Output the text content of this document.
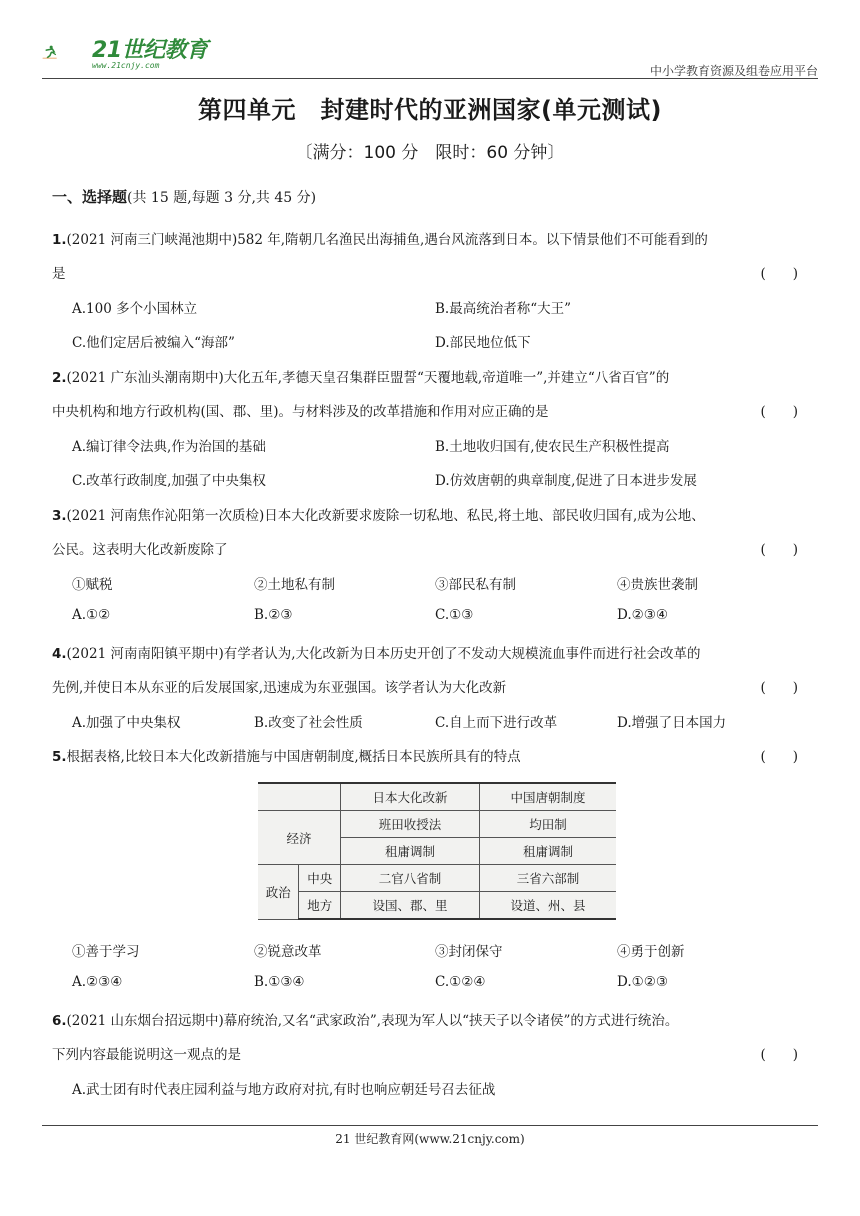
21世纪教育
www.21cnjy.com	中小学教育资源及组卷应用平台
第四单元　封建时代的亚洲国家(单元测试)
〔满分：100 分　限时：60 分钟〕
一、选择题(共 15 题,每题 3 分,共 45 分)
1.(2021 河南三门峡渑池期中)582 年,隋朝几名渔民出海捕鱼,遇台风流落到日本。以下情景他们不可能看到的
是	(　　)
A.100 多个小国林立	B.最高统治者称“大王”
C.他们定居后被编入“海部”	D.部民地位低下
2.(2021 广东汕头潮南期中)大化五年,孝德天皇召集群臣盟誓“天覆地载,帝道唯一”,并建立“八省百官”的
中央机构和地方行政机构(国、郡、里)。与材料涉及的改革措施和作用对应正确的是	(　　)
A.编订律令法典,作为治国的基础	B.土地收归国有,使农民生产积极性提高
C.改革行政制度,加强了中央集权	D.仿效唐朝的典章制度,促进了日本进步发展
3.(2021 河南焦作沁阳第一次质检)日本大化改新要求废除一切私地、私民,将土地、部民收归国有,成为公地、
公民。这表明大化改新废除了	(　　)
①赋税	②土地私有制	③部民私有制	④贵族世袭制
A.①②	B.②③	C.①③	D.②③④
4.(2021 河南南阳镇平期中)有学者认为,大化改新为日本历史开创了不发动大规模流血事件而进行社会改革的
先例,并使日本从东亚的后发展国家,迅速成为东亚强国。该学者认为大化改新	(　　)
A.加强了中央集权	B.改变了社会性质	C.自上而下进行改革	D.增强了日本国力
5.根据表格,比较日本大化改新措施与中国唐朝制度,概括日本民族所具有的特点	(　　)
		日本大化改新	中国唐朝制度
经济		班田收授法	均田制
		租庸调制	租庸调制
政治	中央	二官八省制	三省六部制
	地方	设国、郡、里	设道、州、县
①善于学习	②锐意改革	③封闭保守	④勇于创新
A.②③④	B.①③④	C.①②④	D.①②③
6.(2021 山东烟台招远期中)幕府统治,又名“武家政治”,表现为军人以“挟天子以令诸侯”的方式进行统治。
下列内容最能说明这一观点的是	(　　)
A.武士团有时代表庄园利益与地方政府对抗,有时也响应朝廷号召去征战
21 世纪教育网(www.21cnjy.com)
